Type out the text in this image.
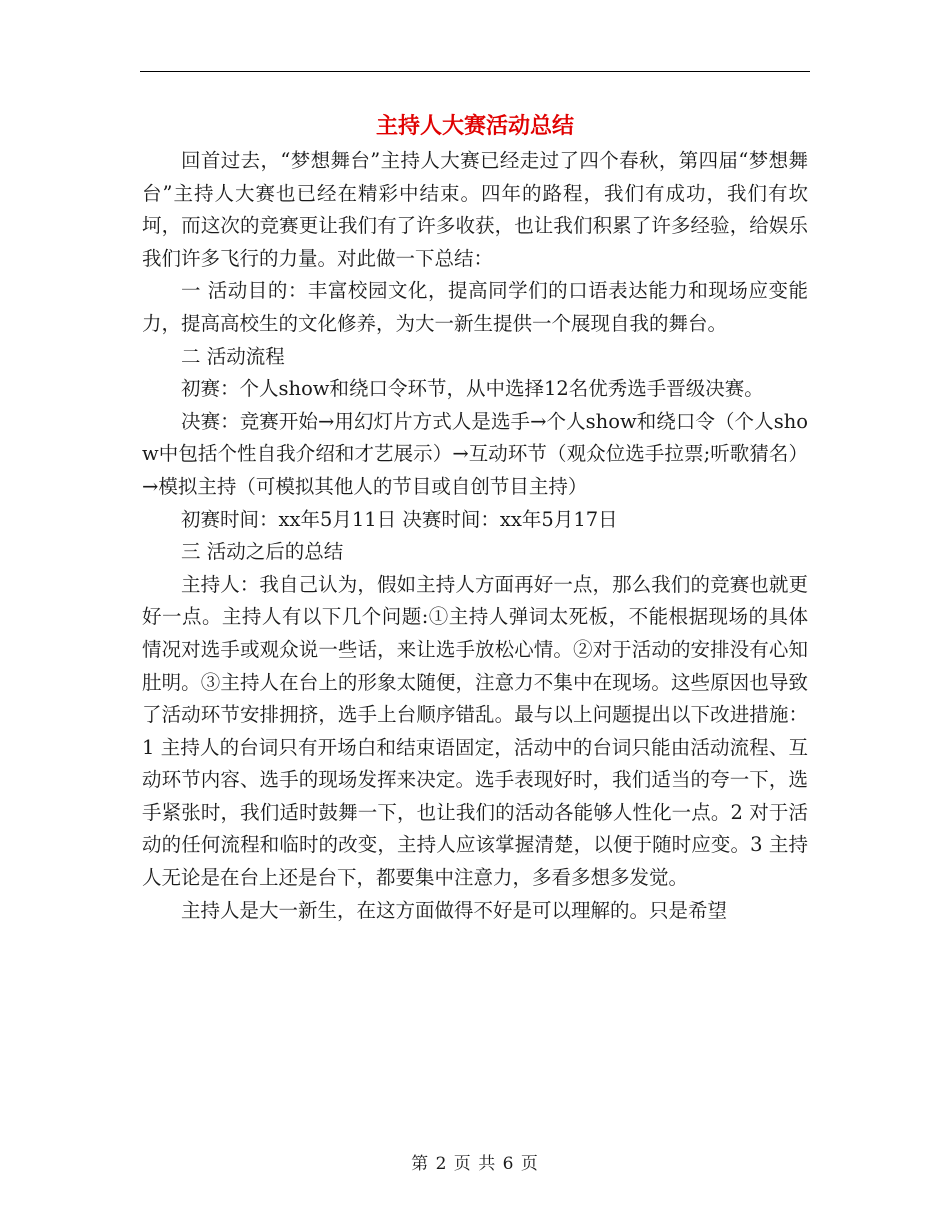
主持人大赛活动总结

回首过去，“梦想舞台”主持人大赛已经走过了四个春秋，第四届“梦想舞台”主持人大赛也已经在精彩中结束。四年的路程，我们有成功，我们有坎坷，而这次的竞赛更让我们有了许多收获，也让我们积累了许多经验，给娱乐我们许多飞行的力量。对此做一下总结：

一 活动目的：丰富校园文化，提高同学们的口语表达能力和现场应变能力，提高高校生的文化修养，为大一新生提供一个展现自我的舞台。

二 活动流程

初赛：个人show和绕口令环节，从中选择12名优秀选手晋级决赛。

决赛：竞赛开始→用幻灯片方式人是选手→个人show和绕口令（个人show中包括个性自我介绍和才艺展示）→互动环节（观众位选手拉票;听歌猜名）→模拟主持（可模拟其他人的节目或自创节目主持）

初赛时间：xx年5月11日 决赛时间：xx年5月17日

三 活动之后的总结

主持人：我自己认为，假如主持人方面再好一点，那么我们的竞赛也就更好一点。主持人有以下几个问题:①主持人弹词太死板，不能根据现场的具体情况对选手或观众说一些话，来让选手放松心情。②对于活动的安排没有心知肚明。③主持人在台上的形象太随便，注意力不集中在现场。这些原因也导致了活动环节安排拥挤，选手上台顺序错乱。最与以上问题提出以下改进措施：1 主持人的台词只有开场白和结束语固定，活动中的台词只能由活动流程、互动环节内容、选手的现场发挥来决定。选手表现好时，我们适当的夸一下，选手紧张时，我们适时鼓舞一下，也让我们的活动各能够人性化一点。2 对于活动的任何流程和临时的改变，主持人应该掌握清楚，以便于随时应变。3 主持人无论是在台上还是台下，都要集中注意力，多看多想多发觉。

主持人是大一新生，在这方面做得不好是可以理解的。只是希望

第 2 页 共 6 页
